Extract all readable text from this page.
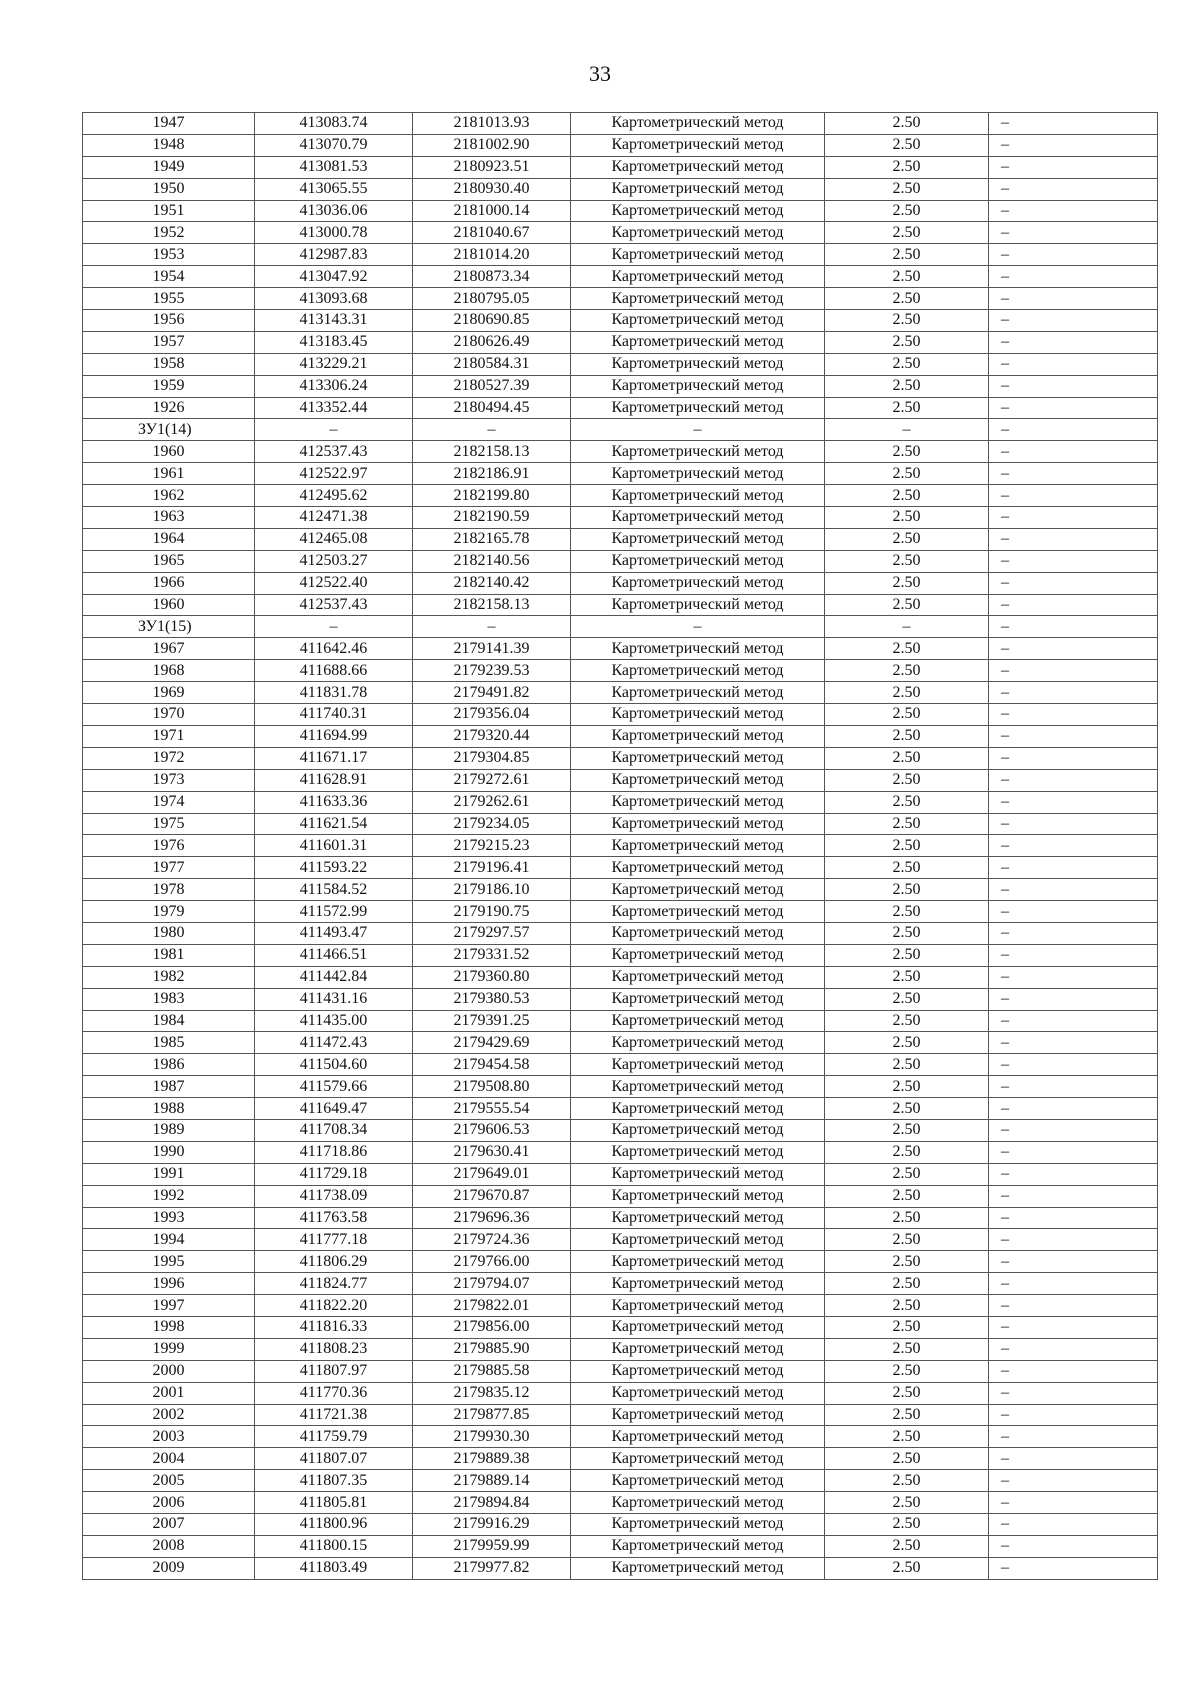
33
1947	413083.74	2181013.93	Картометрический метод	2.50	–
1948	413070.79	2181002.90	Картометрический метод	2.50	–
1949	413081.53	2180923.51	Картометрический метод	2.50	–
1950	413065.55	2180930.40	Картометрический метод	2.50	–
1951	413036.06	2181000.14	Картометрический метод	2.50	–
1952	413000.78	2181040.67	Картометрический метод	2.50	–
1953	412987.83	2181014.20	Картометрический метод	2.50	–
1954	413047.92	2180873.34	Картометрический метод	2.50	–
1955	413093.68	2180795.05	Картометрический метод	2.50	–
1956	413143.31	2180690.85	Картометрический метод	2.50	–
1957	413183.45	2180626.49	Картометрический метод	2.50	–
1958	413229.21	2180584.31	Картометрический метод	2.50	–
1959	413306.24	2180527.39	Картометрический метод	2.50	–
1926	413352.44	2180494.45	Картометрический метод	2.50	–
ЗУ1(14)	–	–	–	–	–
1960	412537.43	2182158.13	Картометрический метод	2.50	–
1961	412522.97	2182186.91	Картометрический метод	2.50	–
1962	412495.62	2182199.80	Картометрический метод	2.50	–
1963	412471.38	2182190.59	Картометрический метод	2.50	–
1964	412465.08	2182165.78	Картометрический метод	2.50	–
1965	412503.27	2182140.56	Картометрический метод	2.50	–
1966	412522.40	2182140.42	Картометрический метод	2.50	–
1960	412537.43	2182158.13	Картометрический метод	2.50	–
ЗУ1(15)	–	–	–	–	–
1967	411642.46	2179141.39	Картометрический метод	2.50	–
1968	411688.66	2179239.53	Картометрический метод	2.50	–
1969	411831.78	2179491.82	Картометрический метод	2.50	–
1970	411740.31	2179356.04	Картометрический метод	2.50	–
1971	411694.99	2179320.44	Картометрический метод	2.50	–
1972	411671.17	2179304.85	Картометрический метод	2.50	–
1973	411628.91	2179272.61	Картометрический метод	2.50	–
1974	411633.36	2179262.61	Картометрический метод	2.50	–
1975	411621.54	2179234.05	Картометрический метод	2.50	–
1976	411601.31	2179215.23	Картометрический метод	2.50	–
1977	411593.22	2179196.41	Картометрический метод	2.50	–
1978	411584.52	2179186.10	Картометрический метод	2.50	–
1979	411572.99	2179190.75	Картометрический метод	2.50	–
1980	411493.47	2179297.57	Картометрический метод	2.50	–
1981	411466.51	2179331.52	Картометрический метод	2.50	–
1982	411442.84	2179360.80	Картометрический метод	2.50	–
1983	411431.16	2179380.53	Картометрический метод	2.50	–
1984	411435.00	2179391.25	Картометрический метод	2.50	–
1985	411472.43	2179429.69	Картометрический метод	2.50	–
1986	411504.60	2179454.58	Картометрический метод	2.50	–
1987	411579.66	2179508.80	Картометрический метод	2.50	–
1988	411649.47	2179555.54	Картометрический метод	2.50	–
1989	411708.34	2179606.53	Картометрический метод	2.50	–
1990	411718.86	2179630.41	Картометрический метод	2.50	–
1991	411729.18	2179649.01	Картометрический метод	2.50	–
1992	411738.09	2179670.87	Картометрический метод	2.50	–
1993	411763.58	2179696.36	Картометрический метод	2.50	–
1994	411777.18	2179724.36	Картометрический метод	2.50	–
1995	411806.29	2179766.00	Картометрический метод	2.50	–
1996	411824.77	2179794.07	Картометрический метод	2.50	–
1997	411822.20	2179822.01	Картометрический метод	2.50	–
1998	411816.33	2179856.00	Картометрический метод	2.50	–
1999	411808.23	2179885.90	Картометрический метод	2.50	–
2000	411807.97	2179885.58	Картометрический метод	2.50	–
2001	411770.36	2179835.12	Картометрический метод	2.50	–
2002	411721.38	2179877.85	Картометрический метод	2.50	–
2003	411759.79	2179930.30	Картометрический метод	2.50	–
2004	411807.07	2179889.38	Картометрический метод	2.50	–
2005	411807.35	2179889.14	Картометрический метод	2.50	–
2006	411805.81	2179894.84	Картометрический метод	2.50	–
2007	411800.96	2179916.29	Картометрический метод	2.50	–
2008	411800.15	2179959.99	Картометрический метод	2.50	–
2009	411803.49	2179977.82	Картометрический метод	2.50	–
